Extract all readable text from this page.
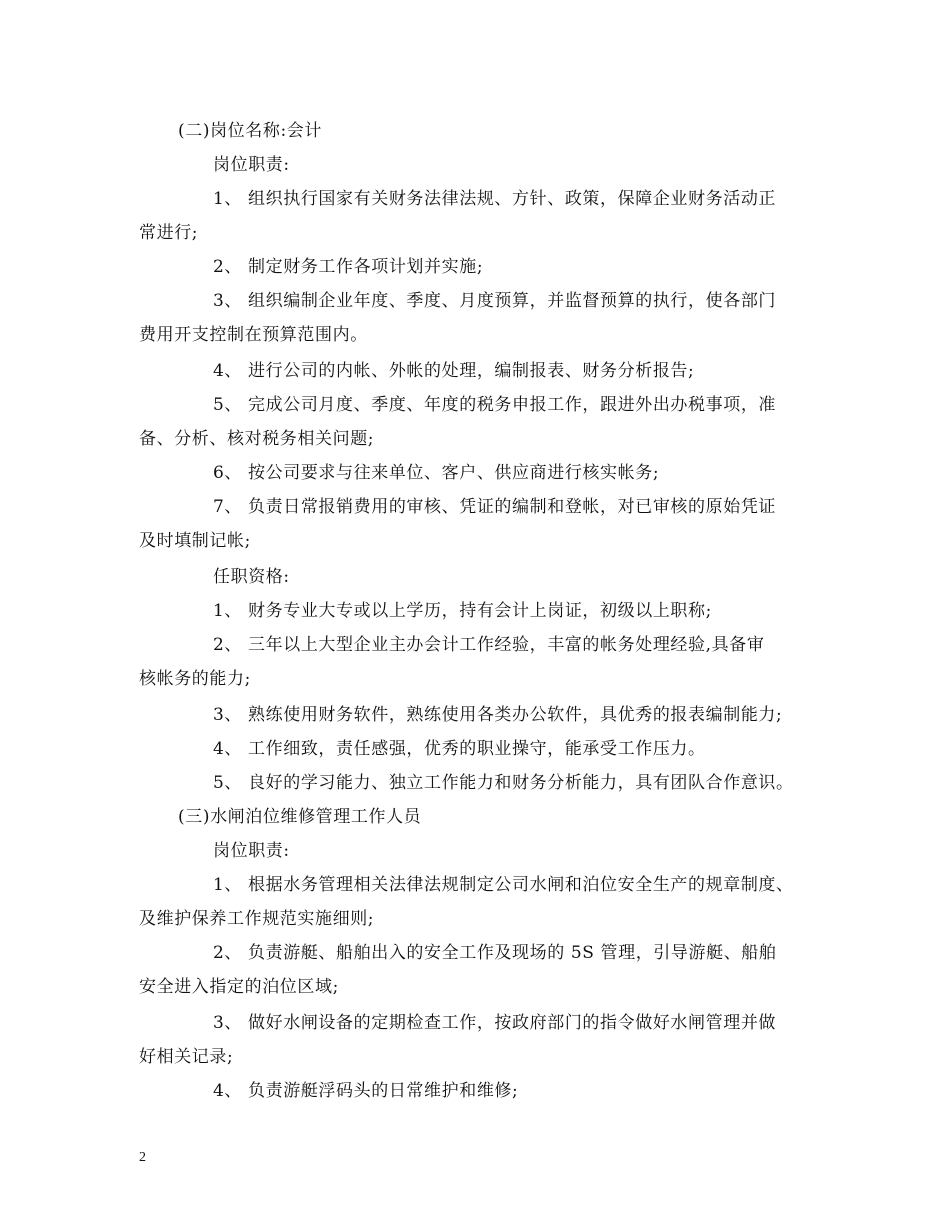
(二)岗位名称:会计
岗位职责:
1、 组织执行国家有关财务法律法规、方针、政策，保障企业财务活动正
常进行;
2、 制定财务工作各项计划并实施;
3、 组织编制企业年度、季度、月度预算，并监督预算的执行，使各部门
费用开支控制在预算范围内。
4、 进行公司的内帐、外帐的处理，编制报表、财务分析报告;
5、 完成公司月度、季度、年度的税务申报工作，跟进外出办税事项，准
备、分析、核对税务相关问题;
6、 按公司要求与往来单位、客户、供应商进行核实帐务;
7、 负责日常报销费用的审核、凭证的编制和登帐，对已审核的原始凭证
及时填制记帐;
任职资格:
1、 财务专业大专或以上学历，持有会计上岗证，初级以上职称;
2、 三年以上大型企业主办会计工作经验，丰富的帐务处理经验,具备审
核帐务的能力;
3、 熟练使用财务软件，熟练使用各类办公软件，具优秀的报表编制能力;
4、 工作细致，责任感强，优秀的职业操守，能承受工作压力。
5、 良好的学习能力、独立工作能力和财务分析能力，具有团队合作意识。
(三)水闸泊位维修管理工作人员
岗位职责:
1、 根据水务管理相关法律法规制定公司水闸和泊位安全生产的规章制度、
及维护保养工作规范实施细则;
2、 负责游艇、船舶出入的安全工作及现场的 5S 管理，引导游艇、船舶
安全进入指定的泊位区域;
3、 做好水闸设备的定期检查工作，按政府部门的指令做好水闸管理并做
好相关记录;
4、 负责游艇浮码头的日常维护和维修;
2
